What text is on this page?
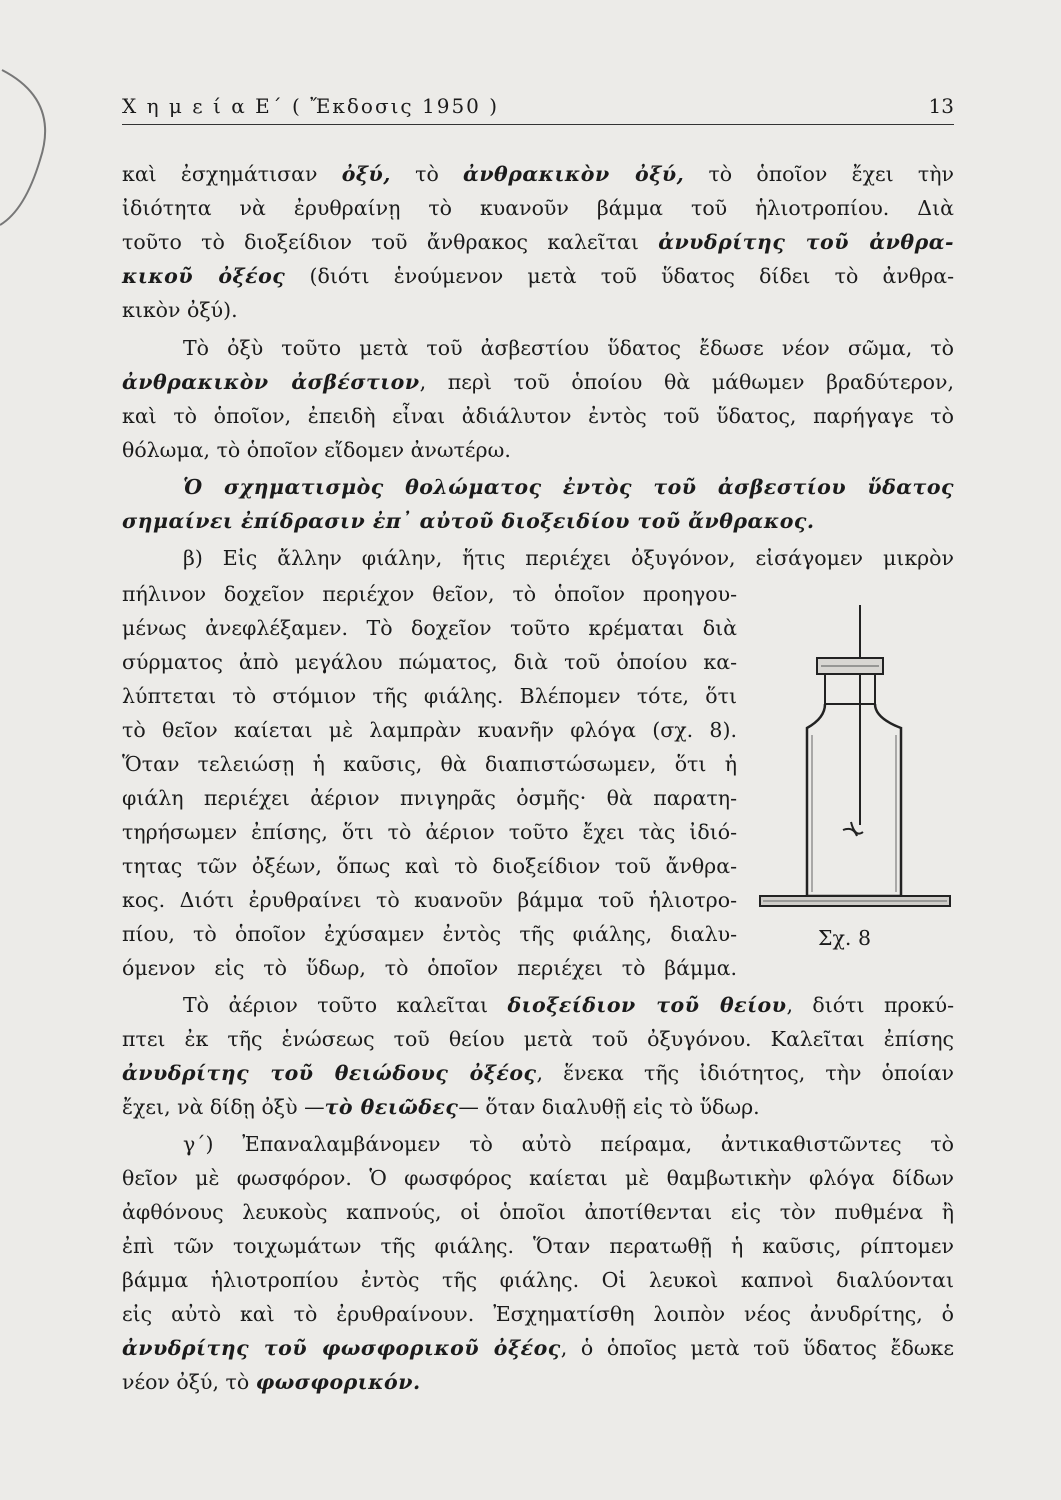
Χ η μ ε ί α Ε΄ ( Ἔκδοσις 1950 )	13
καὶ ἐσχημάτισαν ὀξύ, τὸ ἀνθρακικὸν ὀξύ, τὸ ὁποῖον ἔχει τὴν
ἰδιότητα νὰ ἐρυθραίνῃ τὸ κυανοῦν βάμμα τοῦ ἡλιοτροπίου. Διὰ
τοῦτο τὸ διοξείδιον τοῦ ἄνθρακος καλεῖται ἀνυδρίτης τοῦ ἀνθρα-
κικοῦ ὀξέος (διότι ἑνούμενον μετὰ τοῦ ὕδατος δίδει τὸ ἀνθρα-
κικὸν ὀξύ).
Τὸ ὀξὺ τοῦτο μετὰ τοῦ ἀσβεστίου ὕδατος ἔδωσε νέον σῶμα, τὸ
ἀνθρακικὸν ἀσβέστιον, περὶ τοῦ ὁποίου θὰ μάθωμεν βραδύτερον,
καὶ τὸ ὁποῖον, ἐπειδὴ εἶναι ἀδιάλυτον ἐντὸς τοῦ ὕδατος, παρήγαγε τὸ
θόλωμα, τὸ ὁποῖον εἴδομεν ἀνωτέρω.
Ὁ σχηματισμὸς θολώματος ἐντὸς τοῦ ἀσβεστίου ὕδατος
σημαίνει ἐπίδρασιν ἐπ᾿ αὐτοῦ διοξειδίου τοῦ ἄνθρακος.
β) Εἰς ἄλλην φιάλην, ἥτις περιέχει ὀξυγόνον, εἰσάγομεν μικρὸν
πήλινον δοχεῖον περιέχον θεῖον, τὸ ὁποῖον προηγου-
μένως ἀνεφλέξαμεν. Τὸ δοχεῖον τοῦτο κρέμαται διὰ
σύρματος ἀπὸ μεγάλου πώματος, διὰ τοῦ ὁποίου κα-
λύπτεται τὸ στόμιον τῆς φιάλης. Βλέπομεν τότε, ὅτι
τὸ θεῖον καίεται μὲ λαμπρὰν κυανῆν φλόγα (σχ. 8).
Ὅταν τελειώσῃ ἡ καῦσις, θὰ διαπιστώσωμεν, ὅτι ἡ
φιάλη περιέχει ἀέριον πνιγηρᾶς ὀσμῆς· θὰ παρατη-
τηρήσωμεν ἐπίσης, ὅτι τὸ ἀέριον τοῦτο ἔχει τὰς ἰδιό-
τητας τῶν ὀξέων, ὅπως καὶ τὸ διοξείδιον τοῦ ἄνθρα-
κος. Διότι ἐρυθραίνει τὸ κυανοῦν βάμμα τοῦ ἡλιοτρο-
πίου, τὸ ὁποῖον ἐχύσαμεν ἐντὸς τῆς φιάλης, διαλυ-
όμενον εἰς τὸ ὕδωρ, τὸ ὁποῖον περιέχει τὸ βάμμα.
Τὸ ἀέριον τοῦτο καλεῖται διοξείδιον τοῦ θείου, διότι προκύ-
πτει ἐκ τῆς ἑνώσεως τοῦ θείου μετὰ τοῦ ὀξυγόνου. Καλεῖται ἐπίσης
ἀνυδρίτης τοῦ θειώδους ὀξέος, ἕνεκα τῆς ἰδιότητος, τὴν ὁποίαν
ἔχει, νὰ δίδῃ ὀξὺ —τὸ θειῶδες— ὅταν διαλυθῇ εἰς τὸ ὕδωρ.
γ΄) Ἐπαναλαμβάνομεν τὸ αὐτὸ πείραμα, ἀντικαθιστῶντες τὸ
θεῖον μὲ φωσφόρον. Ὁ φωσφόρος καίεται μὲ θαμβωτικὴν φλόγα δίδων
ἀφθόνους λευκοὺς καπνούς, οἱ ὁποῖοι ἀποτίθενται εἰς τὸν πυθμένα ἢ
ἐπὶ τῶν τοιχωμάτων τῆς φιάλης. Ὅταν περατωθῇ ἡ καῦσις, ρίπτομεν
βάμμα ἡλιοτροπίου ἐντὸς τῆς φιάλης. Οἱ λευκοὶ καπνοὶ διαλύονται
εἰς αὐτὸ καὶ τὸ ἐρυθραίνουν. Ἐσχηματίσθη λοιπὸν νέος ἀνυδρίτης, ὁ
ἀνυδρίτης τοῦ φωσφορικοῦ ὀξέος, ὁ ὁποῖος μετὰ τοῦ ὕδατος ἔδωκε
νέον ὀξύ, τὸ φωσφορικόν.
Σχ. 8
